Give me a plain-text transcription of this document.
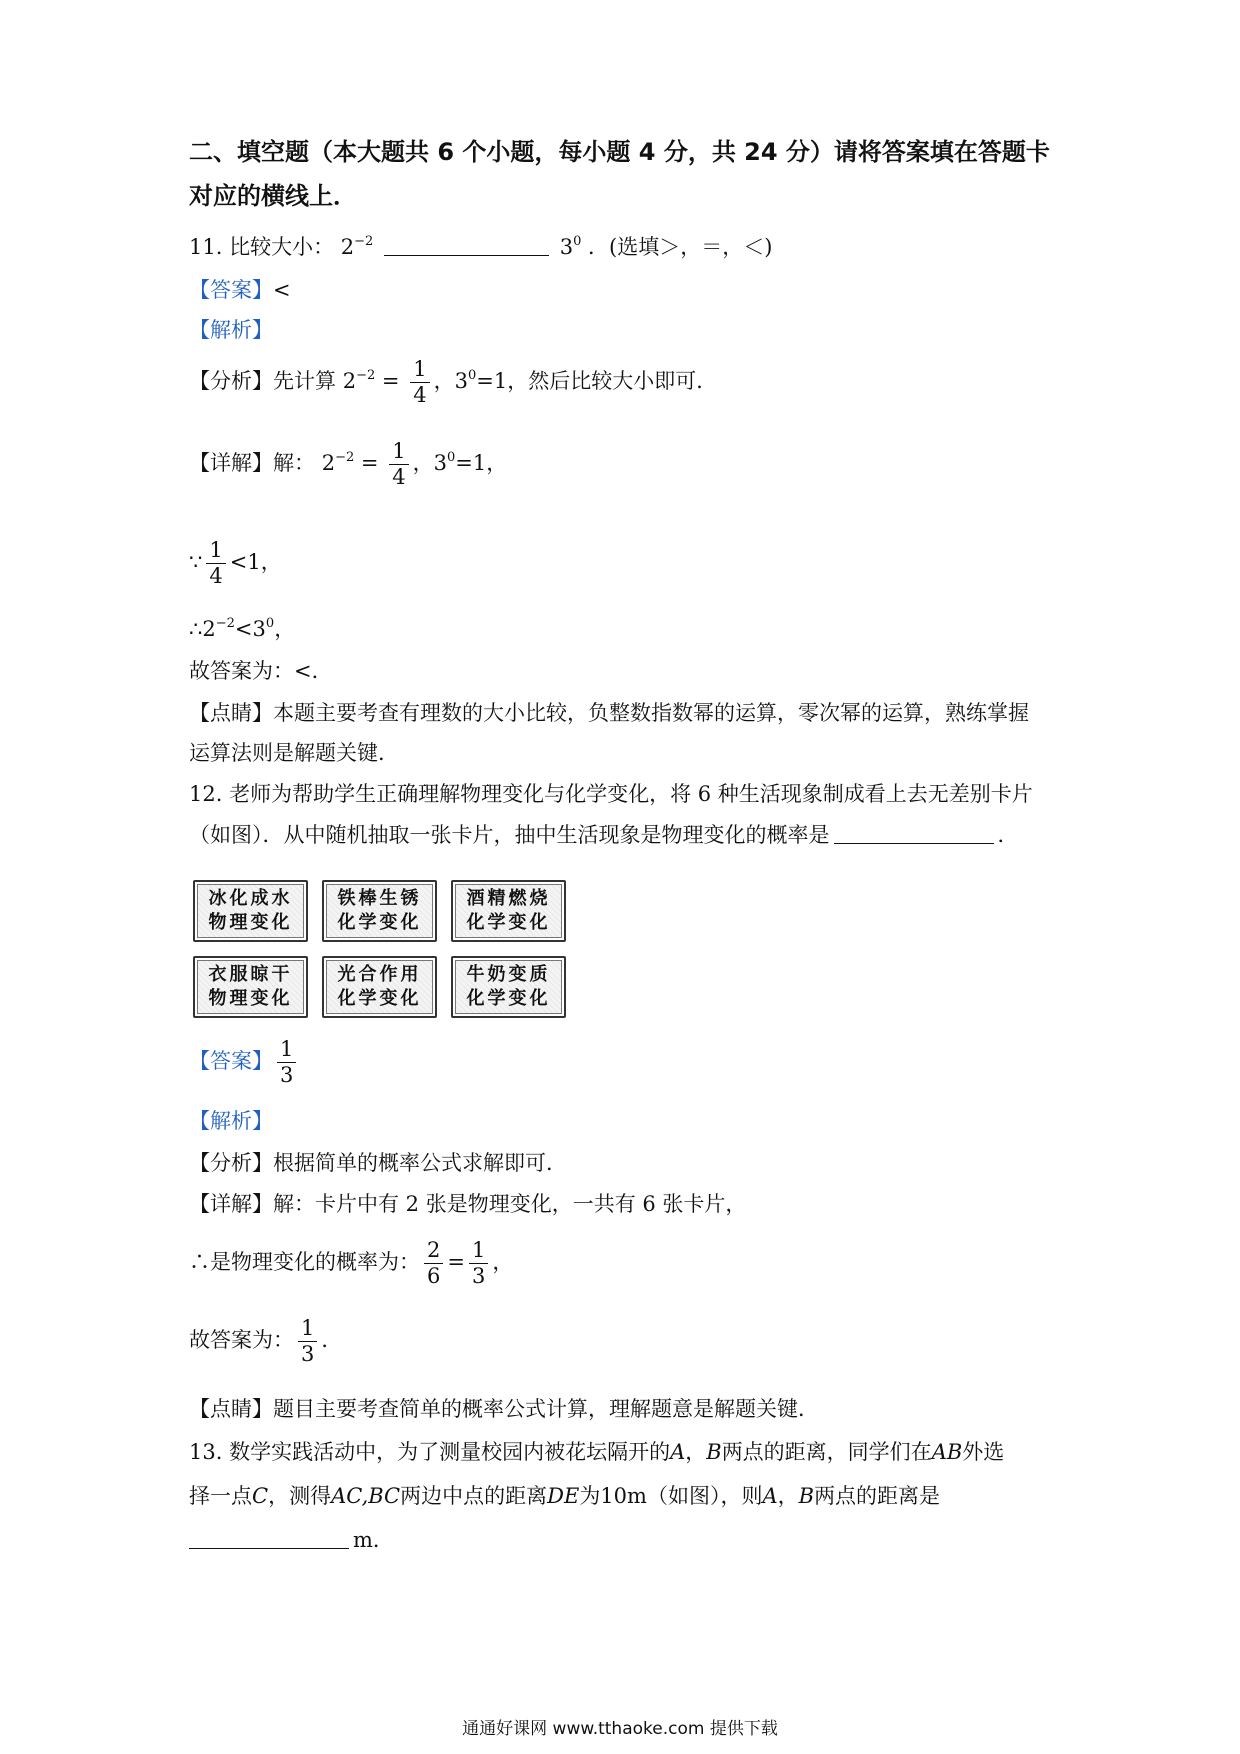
二、填空题（本大题共 6 个小题，每小题 4 分，共 24 分）请将答案填在答题卡
对应的横线上．
11. 比较大小： $2^{-2}$	$3^0$ ．(选填＞，＝，＜)
【答案】<
【解析】
【分析】先计算 $2^{-2} = \frac{1}{4}$ ，$3^0=1$，然后比较大小即可．
【详解】解： $2^{-2} = \frac{1}{4}$ ，$3^0=1$，
∵ $\frac{1}{4} <1$，
$\therefore 2^{-2}<3^0$，
故答案为：<．
【点睛】本题主要考查有理数的大小比较，负整数指数幂的运算，零次幂的运算，熟练掌握
运算法则是解题关键．
12. 老师为帮助学生正确理解物理变化与化学变化，将 6 种生活现象制成看上去无差别卡片
（如图）．从中随机抽取一张卡片，抽中生活现象是物理变化的概率是	．
冰化成水
物理变化
铁棒生锈
化学变化
酒精燃烧
化学变化
衣服晾干
物理变化
光合作用
化学变化
牛奶变质
化学变化
【答案】 $\frac{1}{3}$
【解析】
【分析】根据简单的概率公式求解即可．
【详解】解：卡片中有 2 张是物理变化，一共有 6 张卡片，
∴是物理变化的概率为： $\frac{2}{6} = \frac{1}{3}$ ，
故答案为： $\frac{1}{3}$ ．
【点睛】题目主要考查简单的概率公式计算，理解题意是解题关键．
13. 数学实践活动中，为了测量校园内被花坛隔开的A，B两点的距离，同学们在AB外选
择一点C，测得AC,BC两边中点的距离DE为10m（如图），则A，B两点的距离是
m．
通通好课网 www.tthaoke.com 提供下载
